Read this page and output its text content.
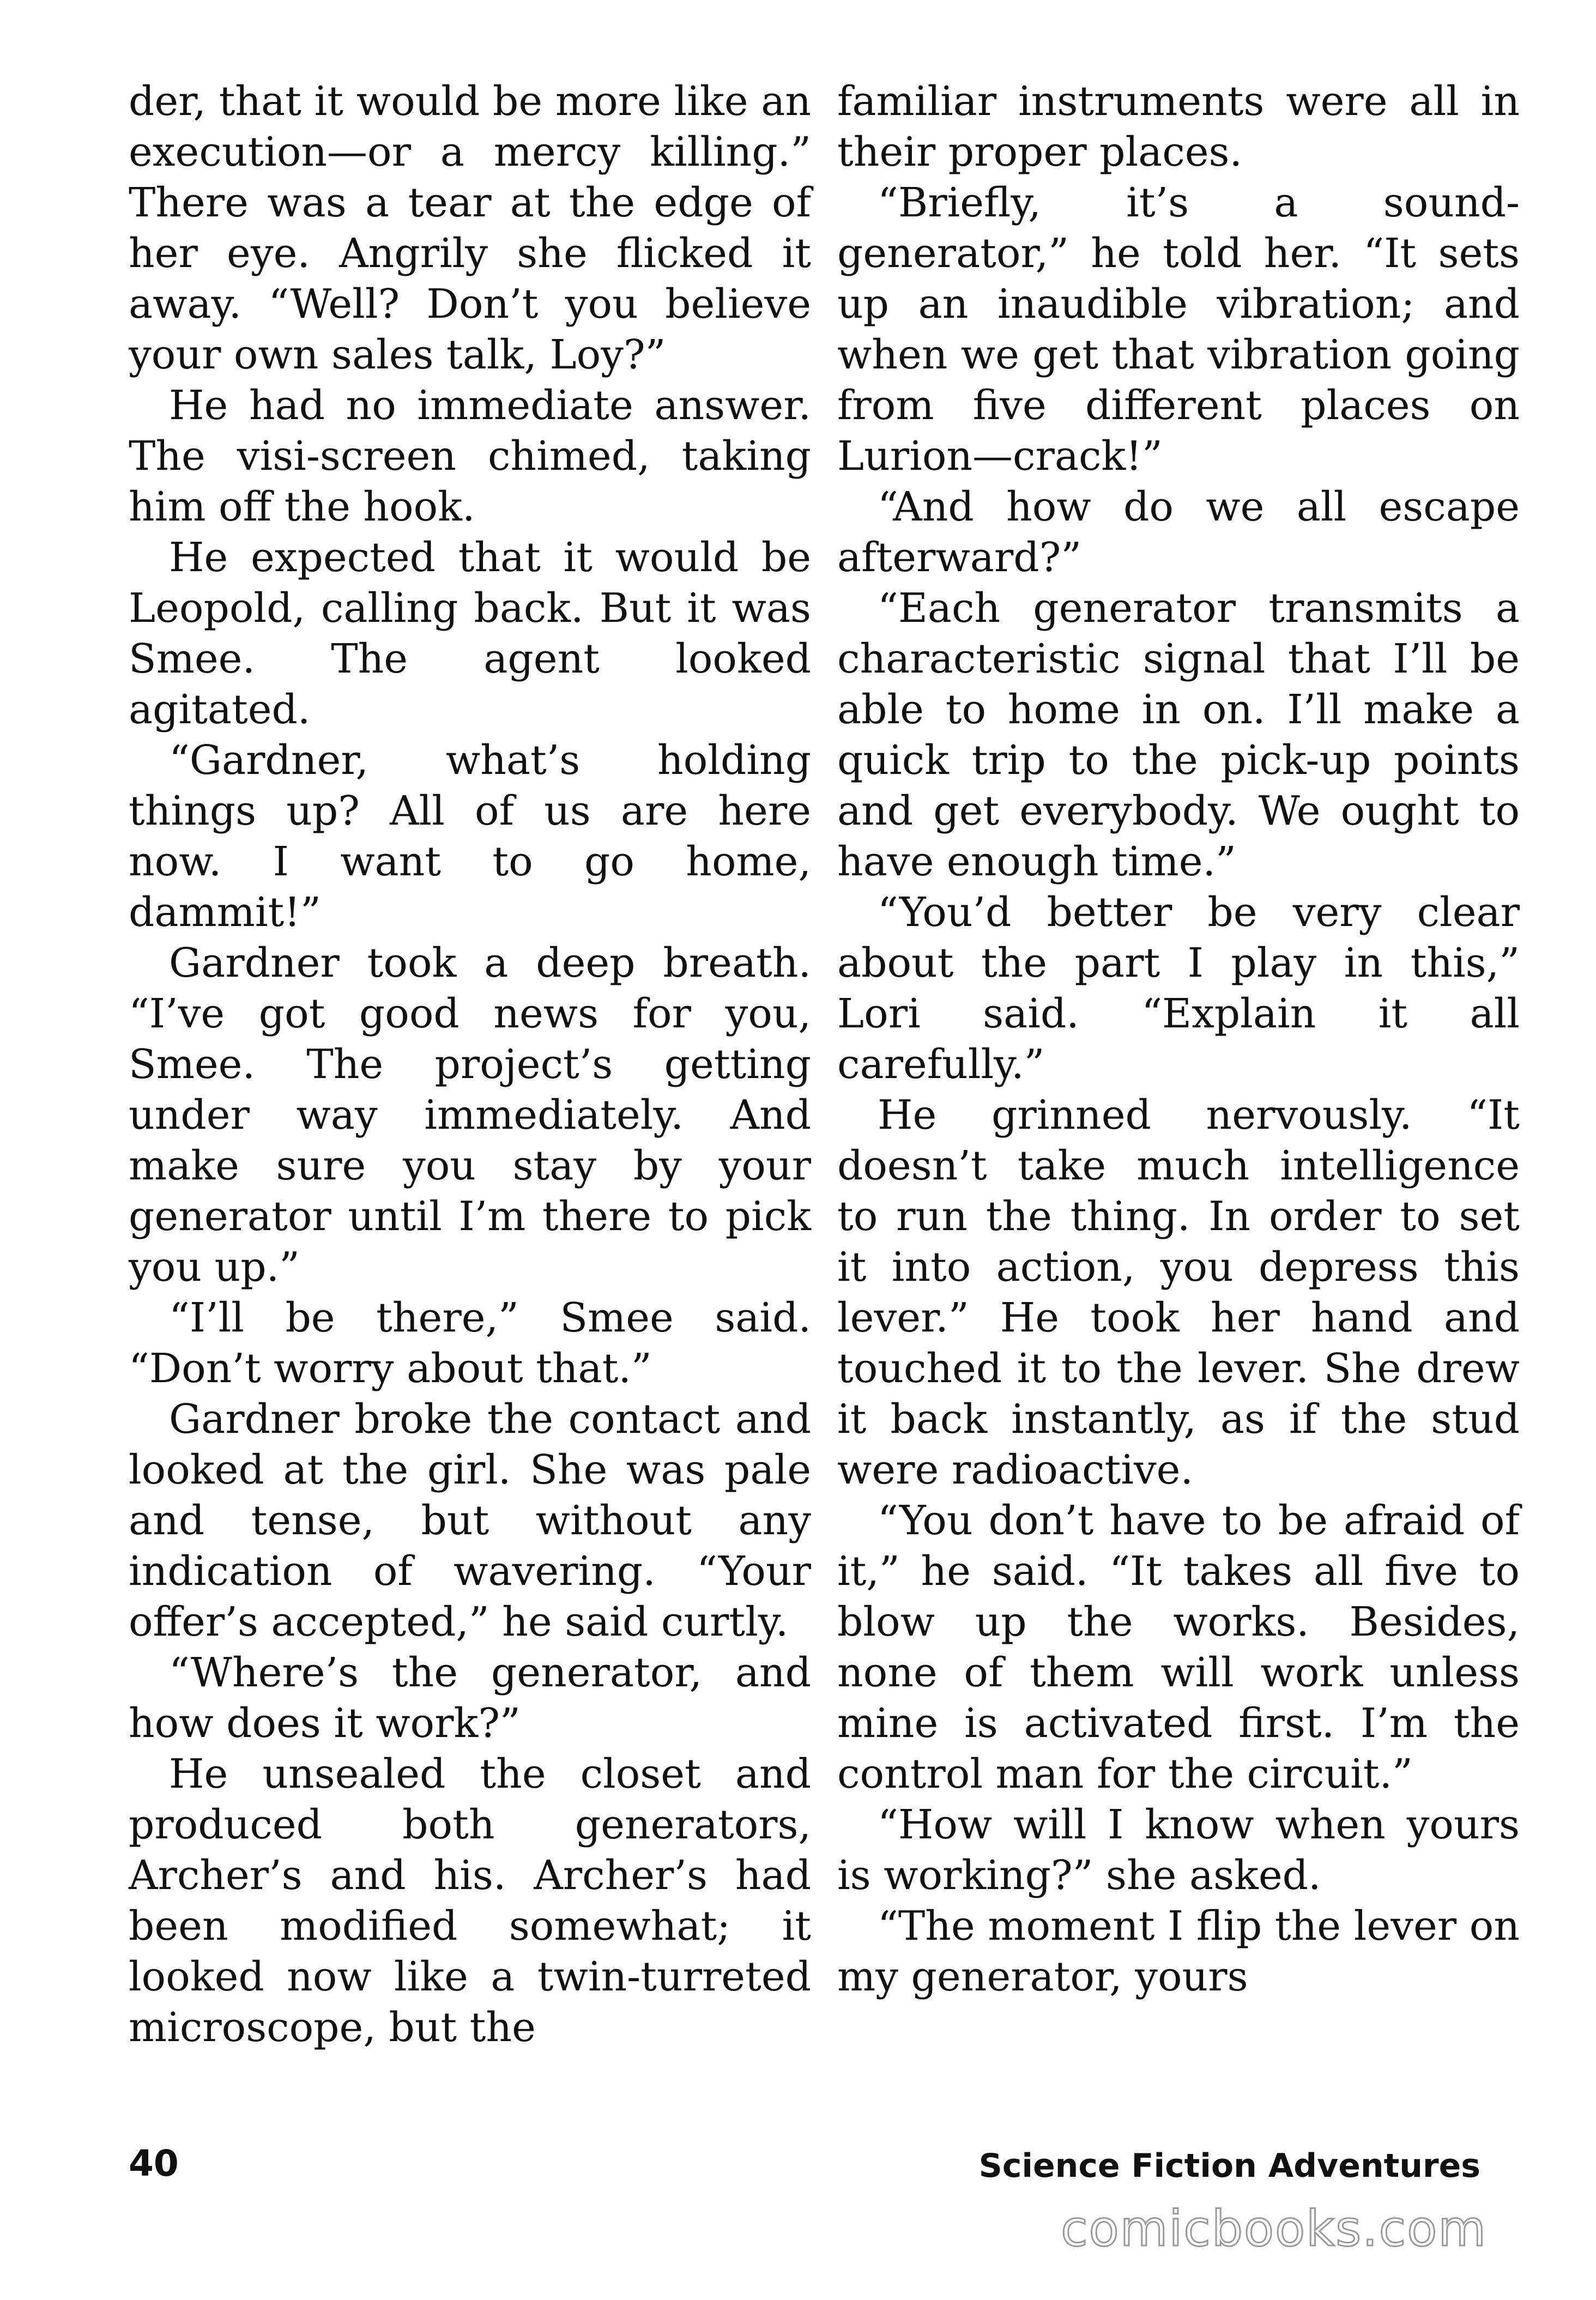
der, that it would be more like an execution—or a mercy killing.” There was a tear at the edge of her eye. Angrily she flicked it away. “Well? Don’t you believe your own sales talk, Loy?”

He had no immediate answer. The visi-screen chimed, taking him off the hook.

He expected that it would be Leopold, calling back. But it was Smee. The agent looked agitated.

“Gardner, what’s holding things up? All of us are here now. I want to go home, dammit!”

Gardner took a deep breath. “I’ve got good news for you, Smee. The project’s getting under way immediately. And make sure you stay by your generator until I’m there to pick you up.”

“I’ll be there,” Smee said. “Don’t worry about that.”

Gardner broke the contact and looked at the girl. She was pale and tense, but without any indication of wavering. “Your offer’s accepted,” he said curtly.

“Where’s the generator, and how does it work?”

He unsealed the closet and produced both generators, Archer’s and his. Archer’s had been modified somewhat; it looked now like a twin-turreted microscope, but the

familiar instruments were all in their proper places.

“Briefly, it’s a sound-generator,” he told her. “It sets up an inaudible vibration; and when we get that vibration going from five different places on Lurion—crack!”

“And how do we all escape afterward?”

“Each generator transmits a characteristic signal that I’ll be able to home in on. I’ll make a quick trip to the pick-up points and get everybody. We ought to have enough time.”

“You’d better be very clear about the part I play in this,” Lori said. “Explain it all carefully.”

He grinned nervously. “It doesn’t take much intelligence to run the thing. In order to set it into action, you depress this lever.” He took her hand and touched it to the lever. She drew it back instantly, as if the stud were radioactive.

“You don’t have to be afraid of it,” he said. “It takes all five to blow up the works. Besides, none of them will work unless mine is activated first. I’m the control man for the circuit.”

“How will I know when yours is working?” she asked.

“The moment I flip the lever on my generator, yours

40	Science Fiction Adventures
comicbooks.com
